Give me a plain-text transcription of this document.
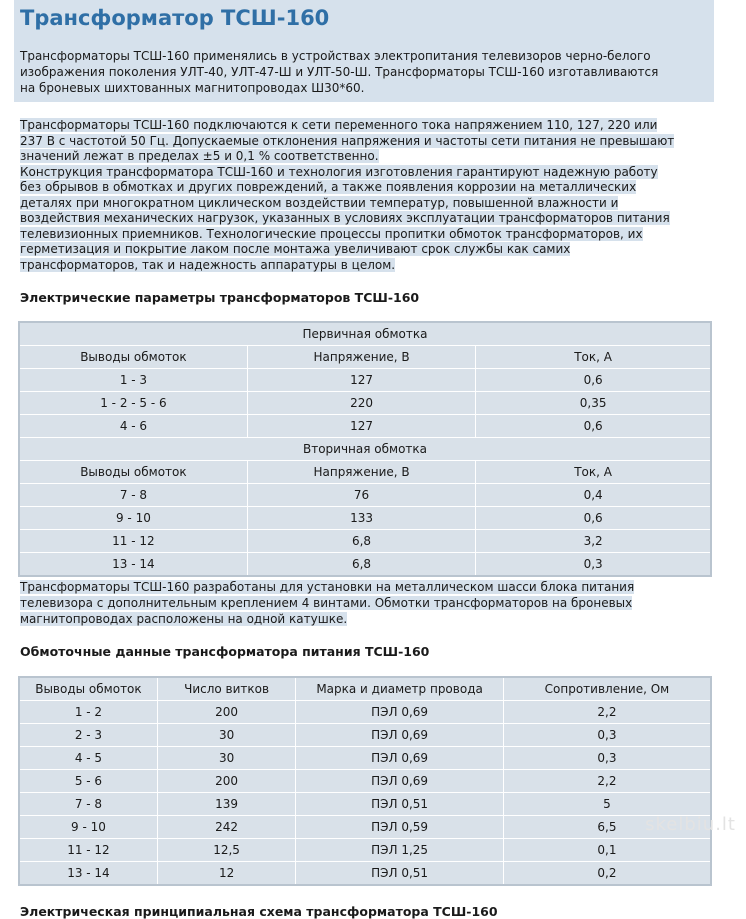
Трансформатор ТСШ-160
Трансформаторы ТСШ-160 применялись в устройствах электропитания телевизоров черно-белого
изображения поколения УЛТ-40, УЛТ-47-Ш и УЛТ-50-Ш. Трансформаторы ТСШ-160 изготавливаются
на броневых шихтованных магнитопроводах Ш30*60.

Трансформаторы ТСШ-160 подключаются к сети переменного тока напряжением 110, 127, 220 или

237 В с частотой 50 Гц. Допускаемые отклонения напряжения и частоты сети питания не превышают

значений лежат в пределах ±5 и 0,1 % соответственно.

Конструкция трансформатора ТСШ-160 и технология изготовления гарантируют надежную работу

без обрывов в обмотках и других повреждений, а также появления коррозии на металлических

деталях при многократном циклическом воздействии температур, повышенной влажности и

воздействия механических нагрузок, указанных в условиях эксплуатации трансформаторов питания

телевизионных приемников. Технологические процессы пропитки обмоток трансформаторов, их

герметизация и покрытие лаком после монтажа увеличивают срок службы как самих

трансформаторов, так и надежность аппаратуры в целом.

Электрические параметры трансформаторов ТСШ-160

Первичная обмотка		
Выводы обмоток	Напряжение, В	Ток, А
1 - 3	127	0,6
1 - 2 - 5 - 6	220	0,35
4 - 6	127	0,6
Вторичная обмотка		
Выводы обмоток	Напряжение, В	Ток, А
7 - 8	76	0,4
9 - 10	133	0,6
11 - 12	6,8	3,2
13 - 14	6,8	0,3

Трансформаторы ТСШ-160 разработаны для установки на металлическом шасси блока питания

телевизора с дополнительным креплением 4 винтами. Обмотки трансформаторов на броневых

магнитопроводах расположены на одной катушке.

Обмоточные данные трансформатора питания ТСШ-160

Выводы обмоток	Число витков	Марка и диаметр провода	Сопротивление, Ом
1 - 2	200	ПЭЛ 0,69	2,2
2 - 3	30	ПЭЛ 0,69	0,3
4 - 5	30	ПЭЛ 0,69	0,3
5 - 6	200	ПЭЛ 0,69	2,2
7 - 8	139	ПЭЛ 0,51	5
9 - 10	242	ПЭЛ 0,59	6,5
11 - 12	12,5	ПЭЛ 1,25	0,1
13 - 14	12	ПЭЛ 0,51	0,2

Электрическая принципиальная схема трансформатора ТСШ-160

skelbiu.lt
